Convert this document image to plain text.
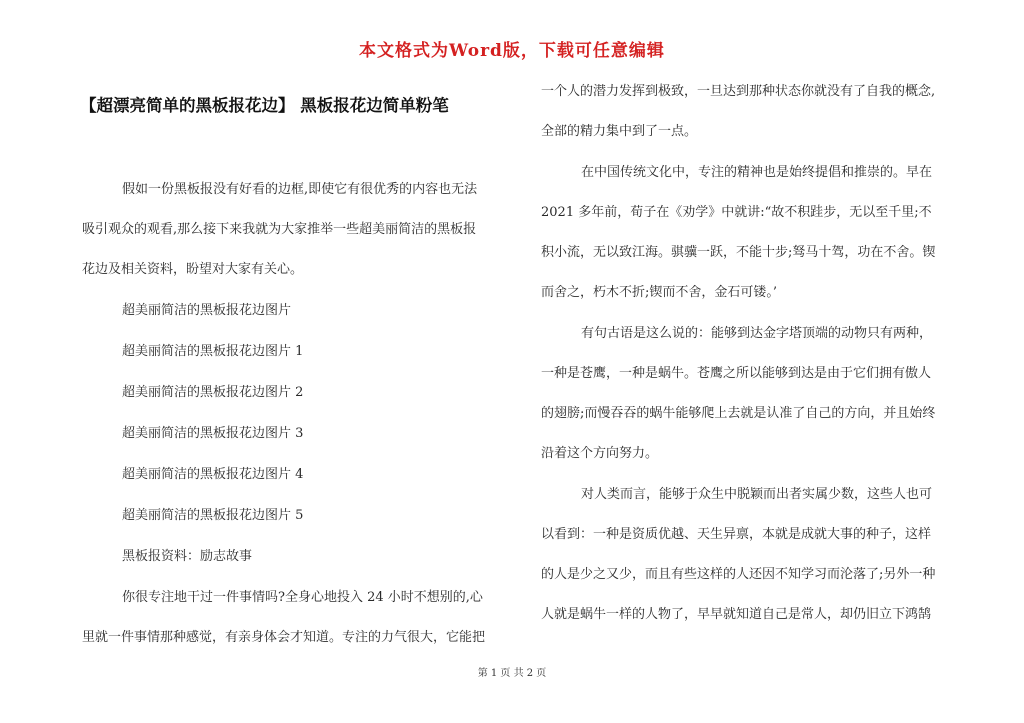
本文格式为Word版，下载可任意编辑
【超漂亮简单的黑板报花边】 黑板报花边简单粉笔
假如一份黑板报没有好看的边框,即使它有很优秀的内容也无法
吸引观众的观看,那么接下来我就为大家推举一些超美丽简洁的黑板报
花边及相关资料，盼望对大家有关心。
超美丽简洁的黑板报花边图片
超美丽简洁的黑板报花边图片 1
超美丽简洁的黑板报花边图片 2
超美丽简洁的黑板报花边图片 3
超美丽简洁的黑板报花边图片 4
超美丽简洁的黑板报花边图片 5
黑板报资料：励志故事
你很专注地干过一件事情吗?全身心地投入 24 小时不想别的,心
里就一件事情那种感觉，有亲身体会才知道。专注的力气很大，它能把
一个人的潜力发挥到极致，一旦达到那种状态你就没有了自我的概念,
全部的精力集中到了一点。
在中国传统文化中，专注的精神也是始终提倡和推崇的。早在
2021 多年前，荀子在《劝学》中就讲:“故不积跬步，无以至千里;不
积小流，无以致江海。骐骥一跃，不能十步;驽马十驾，功在不舍。锲
而舍之，朽木不折;锲而不舍，金石可镂。’
有句古语是这么说的：能够到达金字塔顶端的动物只有两种，
一种是苍鹰，一种是蜗牛。苍鹰之所以能够到达是由于它们拥有傲人
的翅膀;而慢吞吞的蜗牛能够爬上去就是认准了自己的方向，并且始终
沿着这个方向努力。
对人类而言，能够于众生中脱颖而出者实属少数，这些人也可
以看到：一种是资质优越、天生异禀，本就是成就大事的种子，这样
的人是少之又少，而且有些这样的人还因不知学习而沦落了;另外一种
人就是蜗牛一样的人物了，早早就知道自己是常人，却仍旧立下鸿鹄
第 1 页 共 2 页
